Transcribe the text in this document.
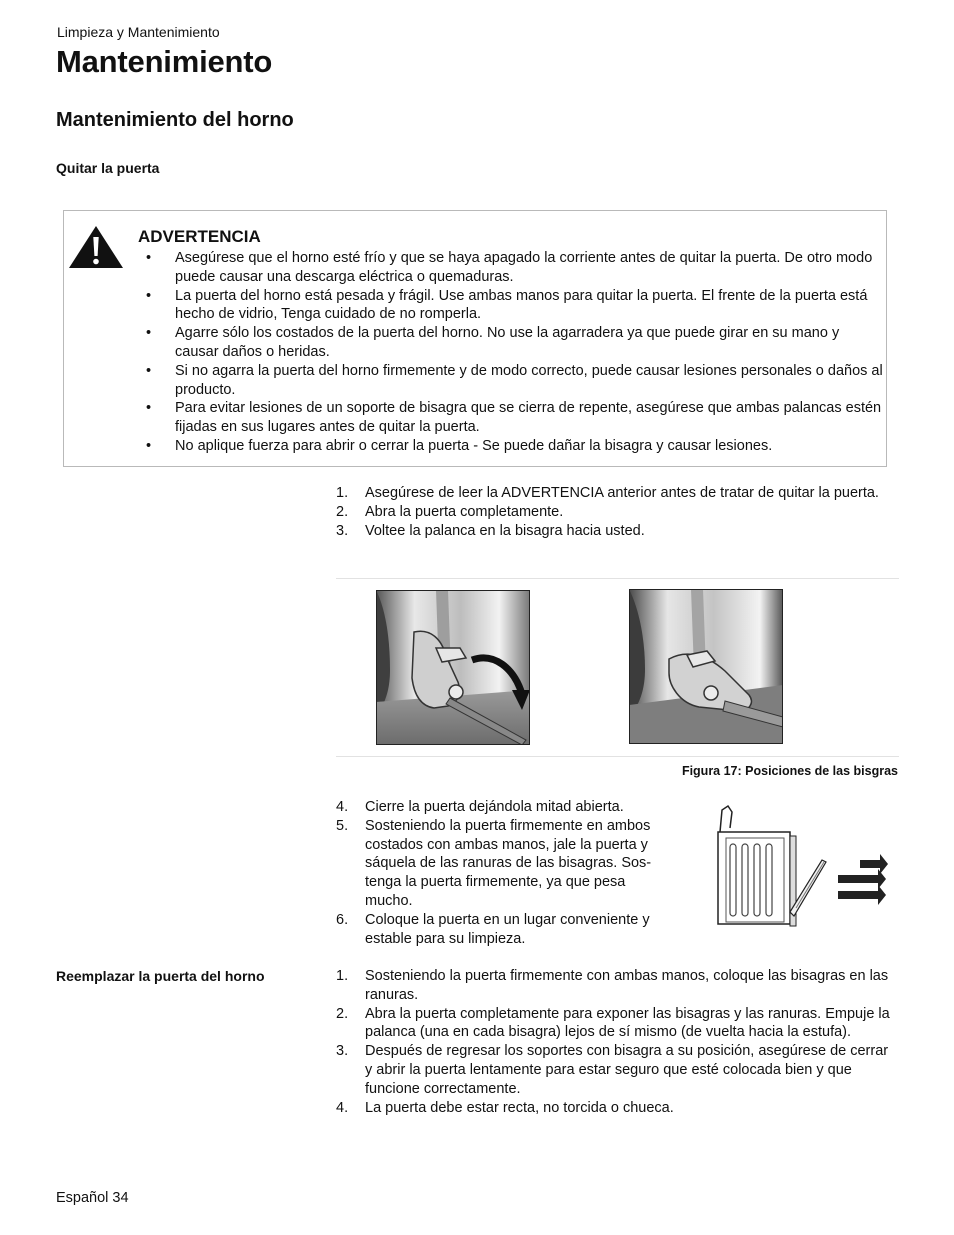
Limpieza y Mantenimiento
Mantenimiento
Mantenimiento del horno
Quitar la puerta
ADVERTENCIA
• Asegúrese que el horno esté frío y que se haya apagado la corriente antes de quitar la puerta. De otro modo puede causar una descarga eléctrica o quemaduras.
• La puerta del horno está pesada y frágil. Use ambas manos para quitar la puerta. El frente de la puerta está hecho de vidrio, Tenga cuidado de no romperla.
• Agarre sólo los costados de la puerta del horno. No use la agarradera ya que puede girar en su mano y causar daños o heridas.
• Si no agarra la puerta del horno firmemente y de modo correcto, puede causar lesiones personales o daños al producto.
• Para evitar lesiones de un soporte de bisagra que se cierra de repente, asegúrese que ambas palancas estén fijadas en sus lugares antes de quitar la puerta.
• No aplique fuerza para abrir o cerrar la puerta - Se puede dañar la bisagra y causar lesiones.
1. Asegúrese de leer la ADVERTENCIA anterior antes de tratar de quitar la puerta.
2. Abra la puerta completamente.
3. Voltee la palanca en la bisagra hacia usted.
Figura 17: Posiciones de las bisgras
4. Cierre la puerta dejándola mitad abierta.
5. Sosteniendo la puerta firmemente en ambos costados con ambas manos, jale la puerta y sáquela de las ranuras de las bisagras. Sos-tenga la puerta firmemente, ya que pesa mucho.
6. Coloque la puerta en un lugar conveniente y estable para su limpieza.
Reemplazar la puerta del horno	1. Sosteniendo la puerta firmemente con ambas manos, coloque las bisagras en las ranuras.
2. Abra la puerta completamente para exponer las bisagras y las ranuras. Empuje la palanca (una en cada bisagra) lejos de sí mismo (de vuelta hacia la estufa).
3. Después de regresar los soportes con bisagra a su posición, asegúrese de cerrar y abrir la puerta lentamente para estar seguro que esté colocada bien y que funcione correctamente.
4. La puerta debe estar recta, no torcida o chueca.
Español 34
